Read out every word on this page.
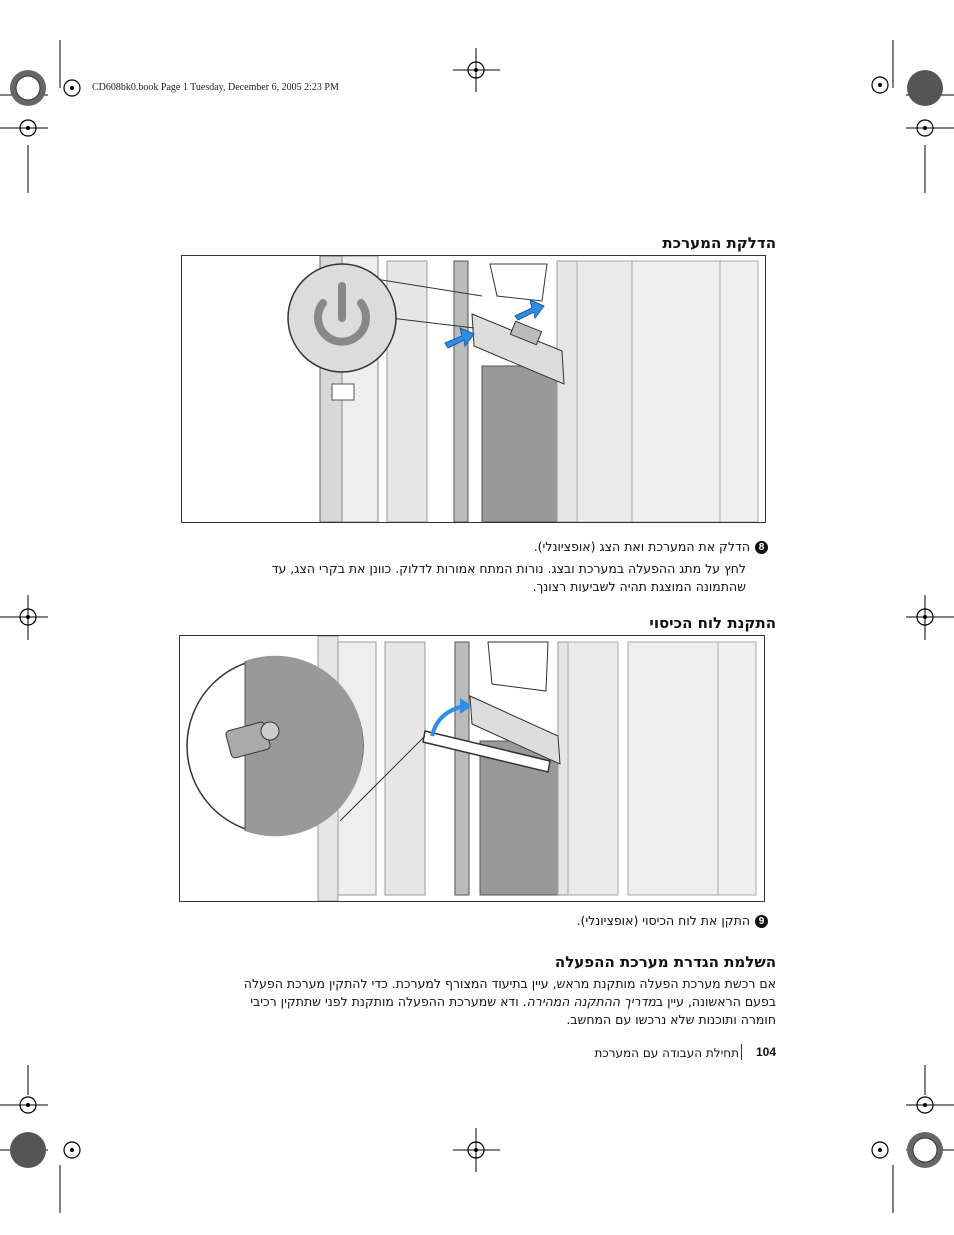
CD608bk0.book Page 1 Tuesday, December 6, 2005 2:23 PM
הדלקת המערכת
8הדלק את המערכת ואת הצג (אופציונלי).
לחץ על מתג ההפעלה במערכת ובצג. נורות המתח אמורות לדלוק. כוונן את בקרי הצג, עד שהתמונה המוצגת תהיה לשביעות רצונך.
התקנת לוח הכיסוי
9התקן את לוח הכיסוי (אופציונלי).
השלמת הגדרת מערכת ההפעלה
אם רכשת מערכת הפעלה מותקנת מראש, עיין בתיעוד המצורף למערכת. כדי להתקין מערכת הפעלה בפעם הראשונה, עיין במדריך ההתקנה המהירה. ודא שמערכת ההפעלה מותקנת לפני שתתקין רכיבי חומרה ותוכנות שלא נרכשו עם המחשב.
תחילת העבודה עם המערכת 104
